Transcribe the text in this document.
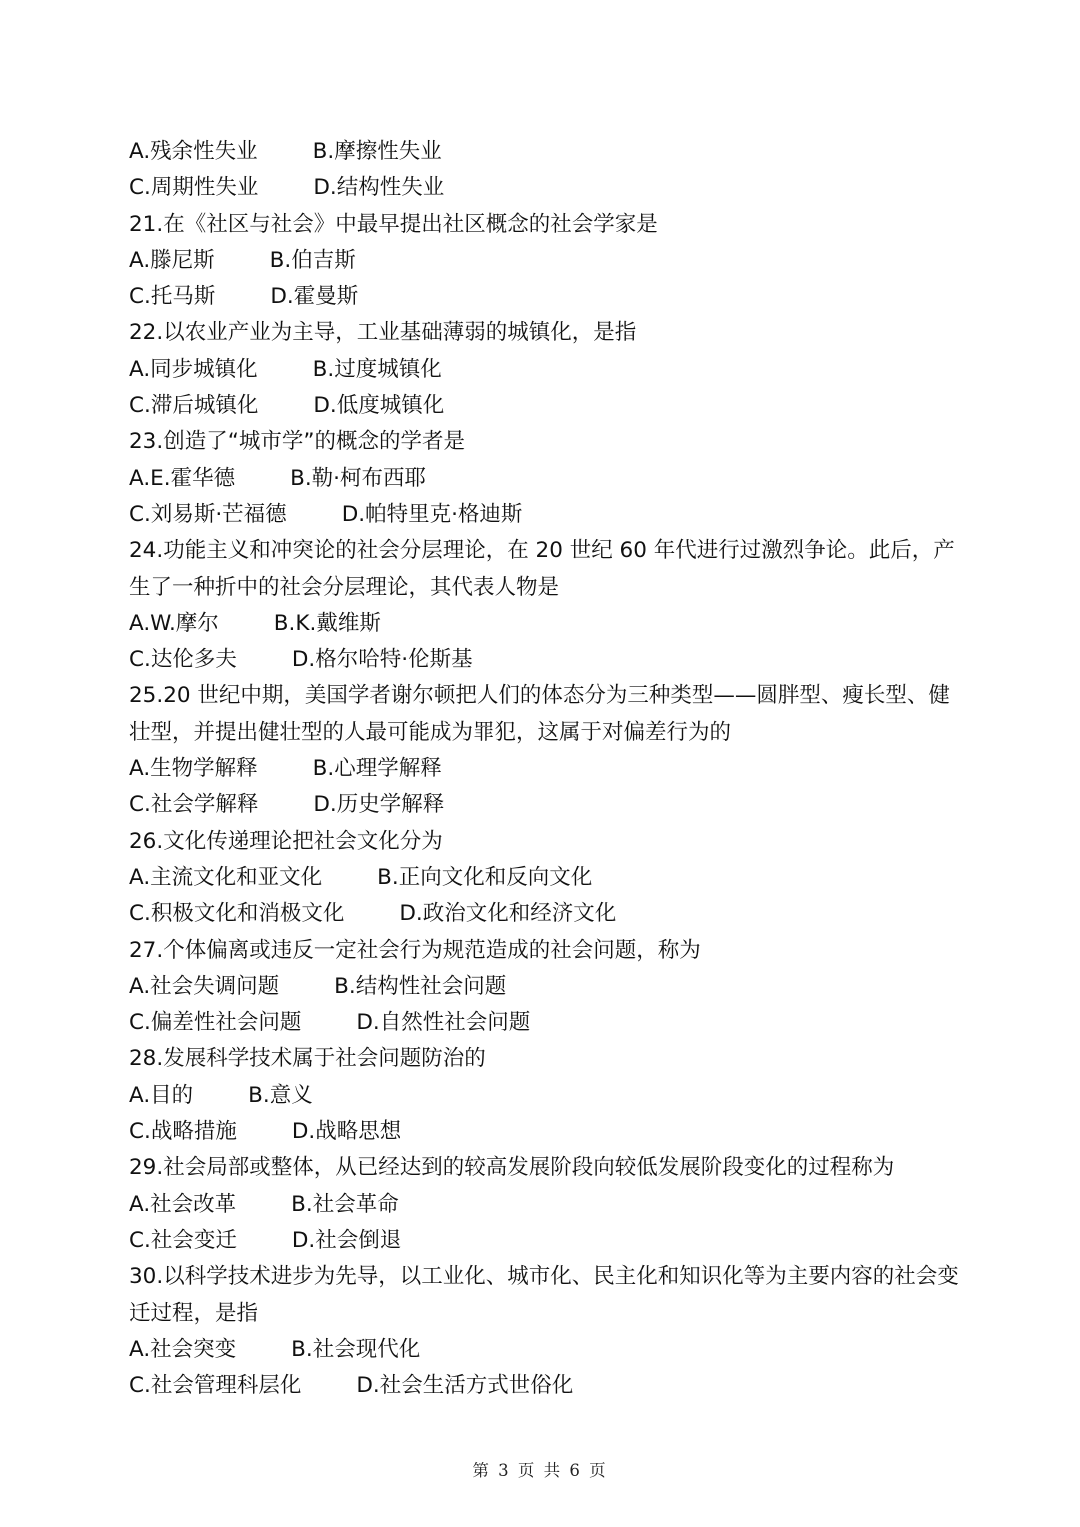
A.残余性失业	B.摩擦性失业
C.周期性失业	D.结构性失业
21.在《社区与社会》中最早提出社区概念的社会学家是
A.滕尼斯	B.伯吉斯
C.托马斯	D.霍曼斯
22.以农业产业为主导，工业基础薄弱的城镇化，是指
A.同步城镇化	B.过度城镇化
C.滞后城镇化	D.低度城镇化
23.创造了“城市学”的概念的学者是
A.E.霍华德	B.勒·柯布西耶
C.刘易斯·芒福德	D.帕特里克·格迪斯
24.功能主义和冲突论的社会分层理论，在 20 世纪 60 年代进行过激烈争论。此后，产生了一种折中的社会分层理论，其代表人物是
A.W.摩尔	B.K.戴维斯
C.达伦多夫	D.格尔哈特·伦斯基
25.20 世纪中期，美国学者谢尔顿把人们的体态分为三种类型——圆胖型、瘦长型、健壮型，并提出健壮型的人最可能成为罪犯，这属于对偏差行为的
A.生物学解释	B.心理学解释
C.社会学解释	D.历史学解释
26.文化传递理论把社会文化分为
A.主流文化和亚文化	B.正向文化和反向文化
C.积极文化和消极文化	D.政治文化和经济文化
27.个体偏离或违反一定社会行为规范造成的社会问题，称为
A.社会失调问题	B.结构性社会问题
C.偏差性社会问题	D.自然性社会问题
28.发展科学技术属于社会问题防治的
A.目的	B.意义
C.战略措施	D.战略思想
29.社会局部或整体，从已经达到的较高发展阶段向较低发展阶段变化的过程称为
A.社会改革	B.社会革命
C.社会变迁	D.社会倒退
30.以科学技术进步为先导，以工业化、城市化、民主化和知识化等为主要内容的社会变迁过程，是指
A.社会突变	B.社会现代化
C.社会管理科层化	D.社会生活方式世俗化
第 3 页 共 6 页
